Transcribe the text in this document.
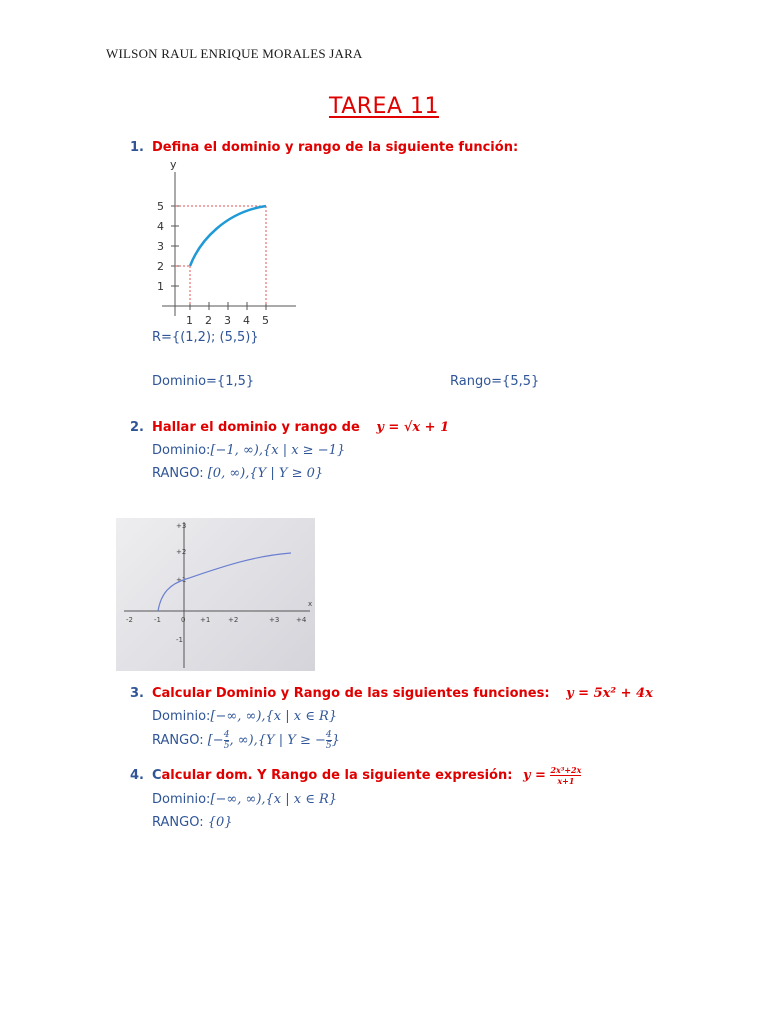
WILSON RAUL ENRIQUE MORALES JARA
TAREA 11
1. Defina el dominio y rango de la siguiente función:
y
1
2
3
4
5
1 2 3 4 5
R={(1,2); (5,5)}
Dominio={1,5}	Rango={5,5}
2. Hallar el dominio y rango de y = √x + 1
Dominio:[−1, ∞),{x | x ≥ −1}
RANGO: [0, ∞),{Y | Y ≥ 0}
x
-2	-1	0 +1	+2	+3 +4
+3
+2
+1
-1
3. Calcular Dominio y Rango de las siguientes funciones: y = 5x² + 4x
Dominio:[−∞, ∞),{x | x ∈ R}
RANGO: [− $\frac{4}{5}$ , ∞),{Y | Y ≥ − $\frac{4}{5}$ }
4. Calcular dom. Y Rango de la siguiente expresión: $y = \frac{\text{2x³+2x}}{x+1}$
Dominio:[−∞, ∞),{x | x ∈ R}
RANGO: {0}
